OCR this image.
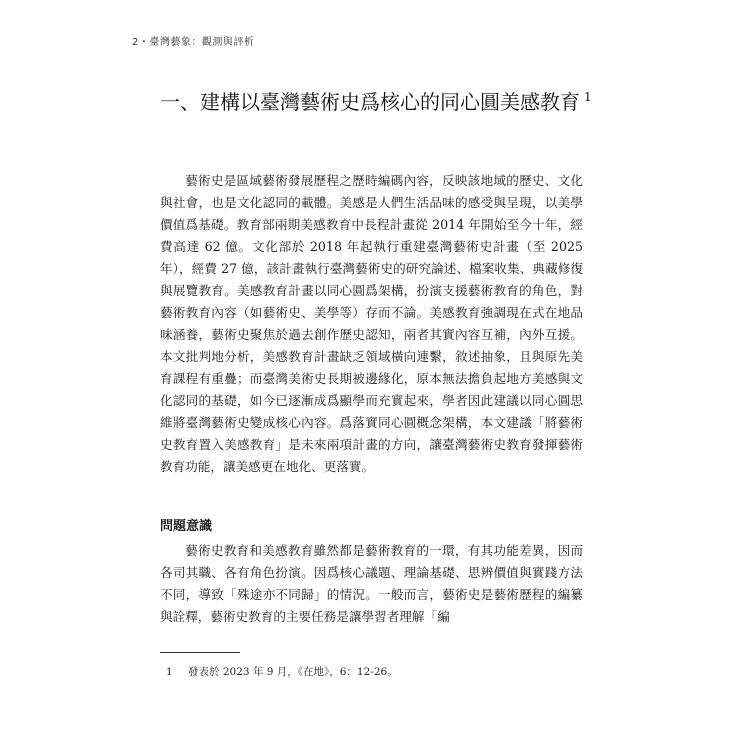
2・臺灣藝象：觀測與評析
一、建構以臺灣藝術史爲核心的同心圓美感教育 $^1$

藝術史是區域藝術發展歷程之歷時編碼內容，反映該地域的歷史、文化與社會，也是文化認同的載體。美感是人們生活品味的感受與呈現，以美學價值爲基礎。教育部兩期美感教育中長程計畫從 2014 年開始至今十年，經費高達 62 億。文化部於 2018 年起執行重建臺灣藝術史計畫（至 2025 年），經費 27 億，該計畫執行臺灣藝術史的研究論述、檔案收集、典藏修復與展覽教育。美感教育計畫以同心圓爲架構，扮演支援藝術教育的角色，對藝術教育內容（如藝術史、美學等）存而不論。美感教育強調現在式在地品味涵養，藝術史聚焦於過去創作歷史認知，兩者其實內容互補，內外互援。本文批判地分析，美感教育計畫缺乏領域橫向連繫，敘述抽象，且與原先美育課程有重疊；而臺灣美術史長期被邊緣化，原本無法擔負起地方美感與文化認同的基礎，如今已逐漸成爲顯學而充實起來，學者因此建議以同心圓思維將臺灣藝術史變成核心內容。爲落實同心圓概念架構，本文建議「將藝術史教育置入美感教育」是未來兩項計畫的方向，讓臺灣藝術史教育發揮藝術教育功能，讓美感更在地化、更落實。

問題意識

藝術史教育和美感教育雖然都是藝術教育的一環，有其功能差異，因而各司其職、各有角色扮演。因爲核心議題、理論基礎、思辨價值與實踐方法不同，導致「殊途亦不同歸」的情況。一般而言，藝術史是藝術歷程的編纂與詮釋，藝術史教育的主要任務是讓學習者理解「編

1 發表於 2023 年 9 月，《在地》，6：12-26。
